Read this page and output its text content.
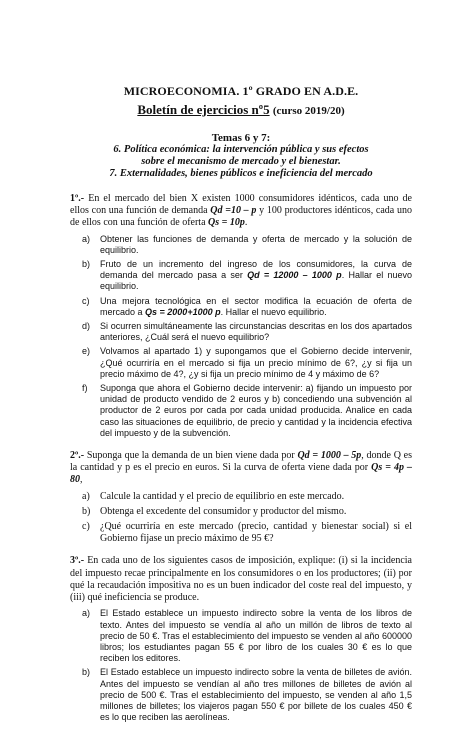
MICROECONOMIA. 1º GRADO EN A.D.E.
Boletín de ejercicios nº5 (curso 2019/20)
Temas 6 y 7:
6. Política económica: la intervención pública y sus efectos
sobre el mecanismo de mercado y el bienestar.
7. Externalidades, bienes públicos e ineficiencia del mercado
1º.- En el mercado del bien X existen 1000 consumidores idénticos, cada uno de ellos con una función de demanda Qd =10 – p y 100 productores idénticos, cada uno de ellos con una función de oferta Qs = 10p.
a)	Obtener las funciones de demanda y oferta de mercado y la solución de equilibrio.
b)	Fruto de un incremento del ingreso de los consumidores, la curva de demanda del mercado pasa a ser Qd = 12000 – 1000 p. Hallar el nuevo equilibrio.
c)	Una mejora tecnológica en el sector modifica la ecuación de oferta de mercado a Qs = 2000+1000 p. Hallar el nuevo equilibrio.
d)	Si ocurren simultáneamente las circunstancias descritas en los dos apartados anteriores, ¿Cuál será el nuevo equilibrio?
e)	Volvamos al apartado 1) y supongamos que el Gobierno decide intervenir, ¿Qué ocurriría en el mercado si fija un precio mínimo de 6?, ¿y si fija un precio máximo de 4?, ¿y si fija un precio mínimo de 4 y máximo de 6?
f)	Suponga que ahora el Gobierno decide intervenir: a) fijando un impuesto por unidad de producto vendido de 2 euros y b) concediendo una subvención al productor de 2 euros por cada por cada unidad producida. Analice en cada caso las situaciones de equilibrio, de precio y cantidad y la incidencia efectiva del impuesto y de la subvención.
2º.- Suponga que la demanda de un bien viene dada por Qd = 1000 – 5p, donde Q es la cantidad y p es el precio en euros. Si la curva de oferta viene dada por Qs = 4p – 80,
a)	Calcule la cantidad y el precio de equilibrio en este mercado.
b) Obtenga el excedente del consumidor y productor del mismo.
c)	¿Qué ocurriría en este mercado (precio, cantidad y bienestar social) si el Gobierno fijase un precio máximo de 95 €?
3º.- En cada uno de los siguientes casos de imposición, explique: (i) si la incidencia del impuesto recae principalmente en los consumidores o en los productores; (ii) por qué la recaudación impositiva no es un buen indicador del coste real del impuesto, y (iii) qué ineficiencia se produce.
a)	El Estado establece un impuesto indirecto sobre la venta de los libros de texto. Antes del impuesto se vendía al año un millón de libros de texto al precio de 50 €. Tras el establecimiento del impuesto se venden al año 600000 libros; los estudiantes pagan 55 € por libro de los cuales 30 € es lo que reciben los editores.
b)	El Estado establece un impuesto indirecto sobre la venta de billetes de avión. Antes del impuesto se vendían al año tres millones de billetes de avión al precio de 500 €. Tras el establecimiento del impuesto, se venden al año 1,5 millones de billetes; los viajeros pagan 550 € por billete de los cuales 450 € es lo que reciben las aerolíneas.
